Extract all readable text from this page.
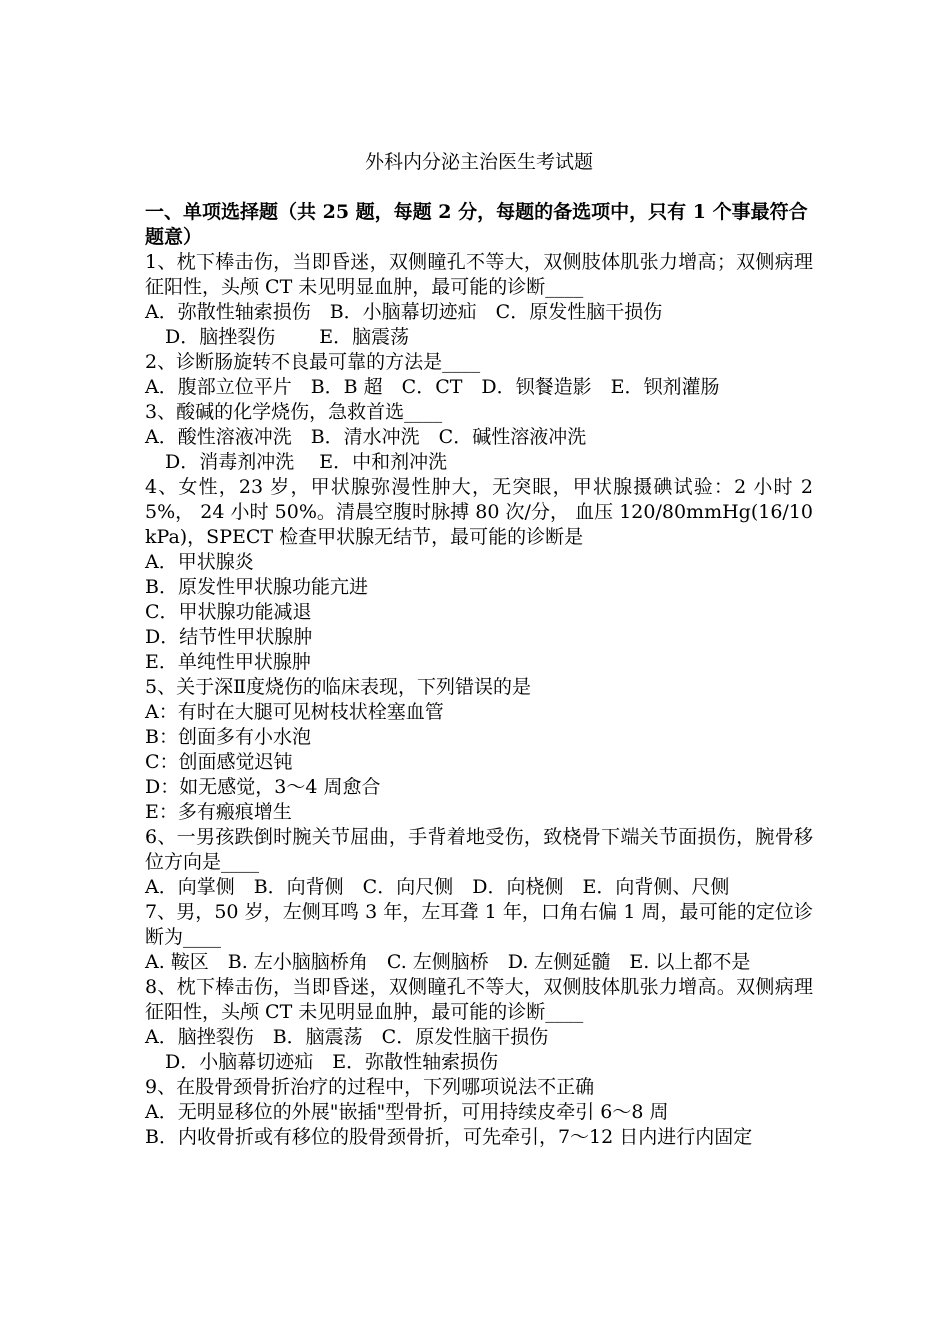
外科内分泌主治医生考试题

一、单项选择题（共 25 题，每题 2 分，每题的备选项中，只有 1 个事最符合题意）

1、枕下棒击伤，当即昏迷，双侧瞳孔不等大，双侧肢体肌张力增高；双侧病理征阳性，头颅 CT 未见明显血肿，最可能的诊断____

A．弥散性轴索损伤　B．小脑幕切迹疝　C．原发性脑干损伤

D．脑挫裂伤　　 E．脑震荡

2、诊断肠旋转不良最可靠的方法是____

A．腹部立位平片　B．B 超　C．CT　D．钡餐造影　E．钡剂灌肠

3、酸碱的化学烧伤，急救首选____

A．酸性溶液冲洗　B．清水冲洗　C．碱性溶液冲洗

D．消毒剂冲洗　 E．中和剂冲洗

4、女性，23 岁，甲状腺弥漫性肿大，无突眼，甲状腺摄碘试验：2 小时 25%， 24 小时 50%。清晨空腹时脉搏 80 次/分， 血压 120/80mmHg(16/10kPa)，SPECT 检查甲状腺无结节，最可能的诊断是

A．甲状腺炎

B．原发性甲状腺功能亢进

C．甲状腺功能减退

D．结节性甲状腺肿

E．单纯性甲状腺肿

5、关于深Ⅱ度烧伤的临床表现，下列错误的是

A：有时在大腿可见树枝状栓塞血管

B：创面多有小水泡

C：创面感觉迟钝

D：如无感觉，3～4 周愈合

E：多有瘢痕增生

6、一男孩跌倒时腕关节屈曲，手背着地受伤，致桡骨下端关节面损伤，腕骨移位方向是____

A．向掌侧　B．向背侧　C．向尺侧　D．向桡侧　E．向背侧、尺侧

7、男，50 岁，左侧耳鸣 3 年，左耳聋 1 年，口角右偏 1 周，最可能的定位诊断为____

A. 鞍区　B. 左小脑脑桥角　C. 左侧脑桥　D. 左侧延髓　E. 以上都不是

8、枕下棒击伤，当即昏迷，双侧瞳孔不等大，双侧肢体肌张力增高。双侧病理征阳性，头颅 CT 未见明显血肿，最可能的诊断____

A．脑挫裂伤　B．脑震荡　C．原发性脑干损伤

D．小脑幕切迹疝　E．弥散性轴索损伤

9、在股骨颈骨折治疗的过程中，下列哪项说法不正确

A．无明显移位的外展"嵌插"型骨折，可用持续皮牵引 6～8 周

B．内收骨折或有移位的股骨颈骨折，可先牵引，7～12 日内进行内固定
